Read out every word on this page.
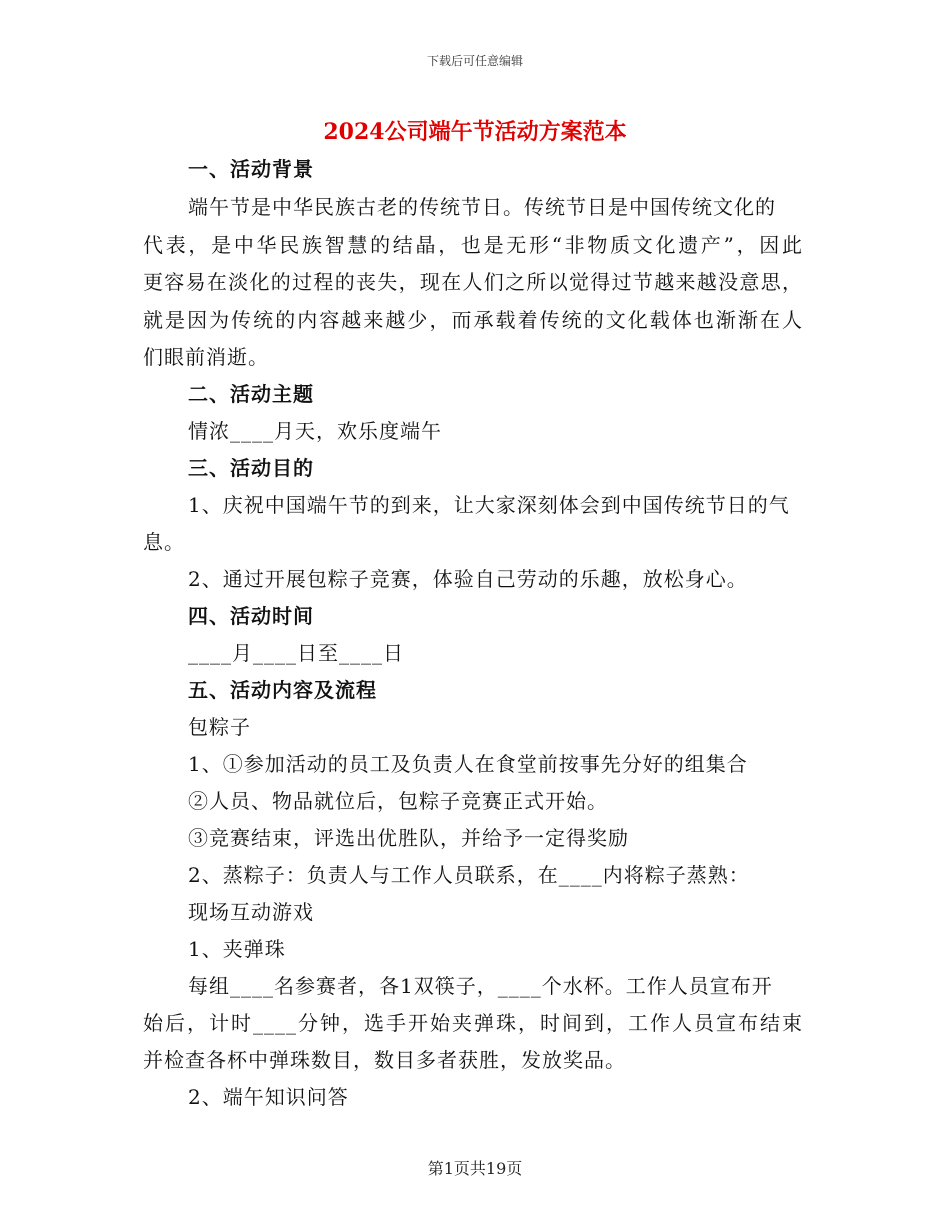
下载后可任意编辑
2024公司端午节活动方案范本
一、活动背景
端午节是中华民族古老的传统节日。传统节日是中国传统文化的
代表，是中华民族智慧的结晶，也是无形“非物质文化遗产”，因此
更容易在淡化的过程的丧失，现在人们之所以觉得过节越来越没意思，
就是因为传统的内容越来越少，而承载着传统的文化载体也渐渐在人
们眼前消逝。
二、活动主题
情浓____月天，欢乐度端午
三、活动目的
1、庆祝中国端午节的到来，让大家深刻体会到中国传统节日的气
息。
2、通过开展包粽子竞赛，体验自己劳动的乐趣，放松身心。
四、活动时间
____月____日至____日
五、活动内容及流程
包粽子
1、①参加活动的员工及负责人在食堂前按事先分好的组集合
②人员、物品就位后，包粽子竞赛正式开始。
③竞赛结束，评选出优胜队，并给予一定得奖励
2、蒸粽子：负责人与工作人员联系，在____内将粽子蒸熟：
现场互动游戏
1、夹弹珠
每组____名参赛者，各1双筷子，____个水杯。工作人员宣布开
始后，计时____分钟，选手开始夹弹珠，时间到，工作人员宣布结束
并检查各杯中弹珠数目，数目多者获胜，发放奖品。
2、端午知识问答
第1页共19页
